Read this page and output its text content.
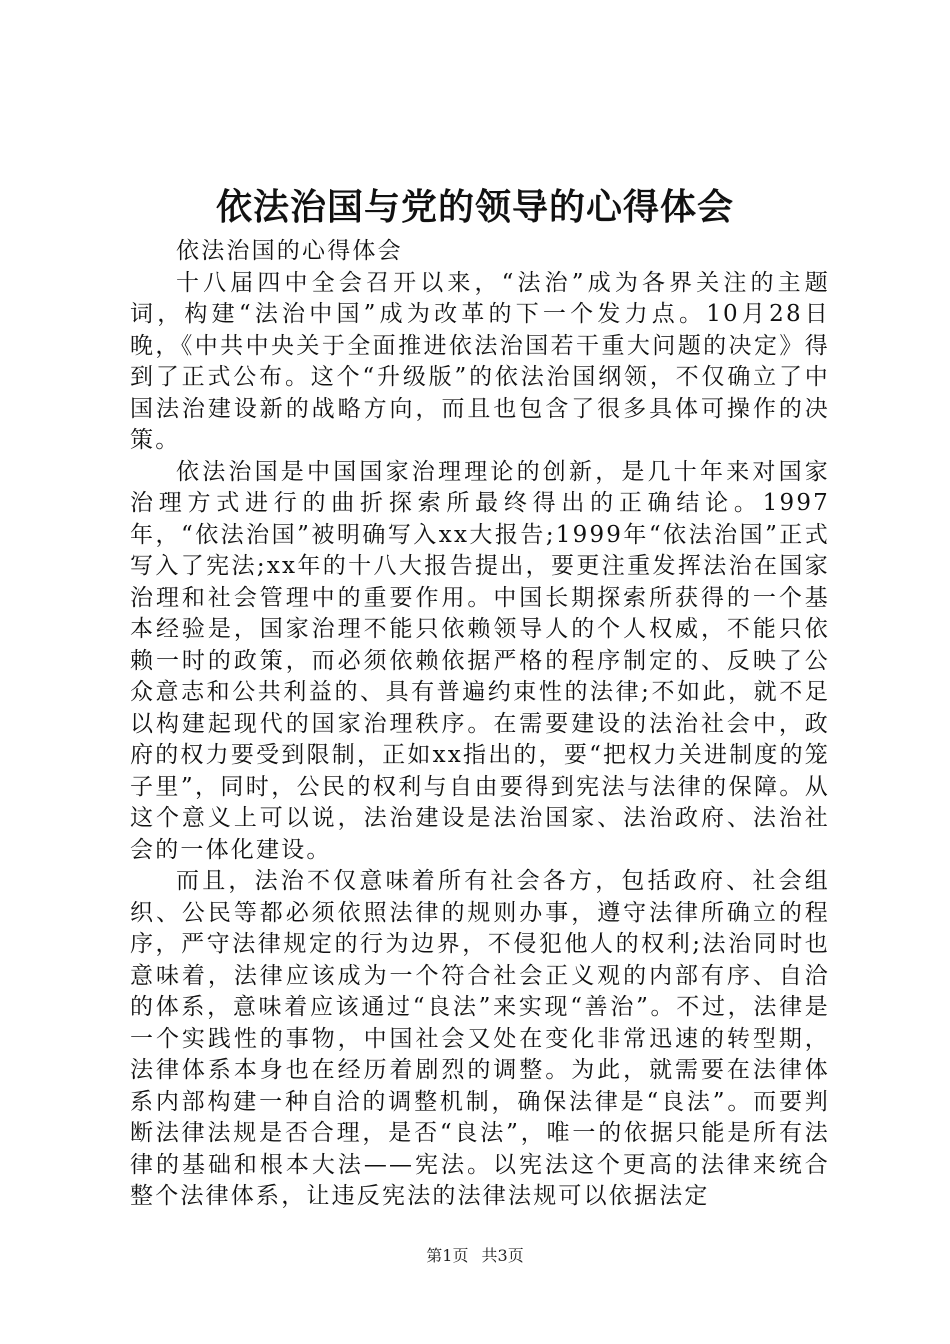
依法治国与党的领导的心得体会

依法治国的心得体会

十八届四中全会召开以来，“法治”成为各界关注的主题词，构建“法治中国”成为改革的下一个发力点。10月28日晚，《中共中央关于全面推进依法治国若干重大问题的决定》得到了正式公布。这个“升级版”的依法治国纲领，不仅确立了中国法治建设新的战略方向，而且也包含了很多具体可操作的决策。

依法治国是中国国家治理理论的创新，是几十年来对国家治理方式进行的曲折探索所最终得出的正确结论。1997年，“依法治国”被明确写入xx大报告;1999年“依法治国”正式写入了宪法;xx年的十八大报告提出，要更注重发挥法治在国家治理和社会管理中的重要作用。中国长期探索所获得的一个基本经验是，国家治理不能只依赖领导人的个人权威，不能只依赖一时的政策，而必须依赖依据严格的程序制定的、反映了公众意志和公共利益的、具有普遍约束性的法律;不如此，就不足以构建起现代的国家治理秩序。在需要建设的法治社会中，政府的权力要受到限制，正如xx指出的，要“把权力关进制度的笼子里”，同时，公民的权利与自由要得到宪法与法律的保障。从这个意义上可以说，法治建设是法治国家、法治政府、法治社会的一体化建设。

而且，法治不仅意味着所有社会各方，包括政府、社会组织、公民等都必须依照法律的规则办事，遵守法律所确立的程序，严守法律规定的行为边界，不侵犯他人的权利;法治同时也意味着，法律应该成为一个符合社会正义观的内部有序、自洽的体系，意味着应该通过“良法”来实现“善治”。不过，法律是一个实践性的事物，中国社会又处在变化非常迅速的转型期，法律体系本身也在经历着剧烈的调整。为此，就需要在法律体系内部构建一种自洽的调整机制，确保法律是“良法”。而要判断法律法规是否合理，是否“良法”，唯一的依据只能是所有法律的基础和根本大法——宪法。以宪法这个更高的法律来统合整个法律体系，让违反宪法的法律法规可以依据法定

第1页 共3页
